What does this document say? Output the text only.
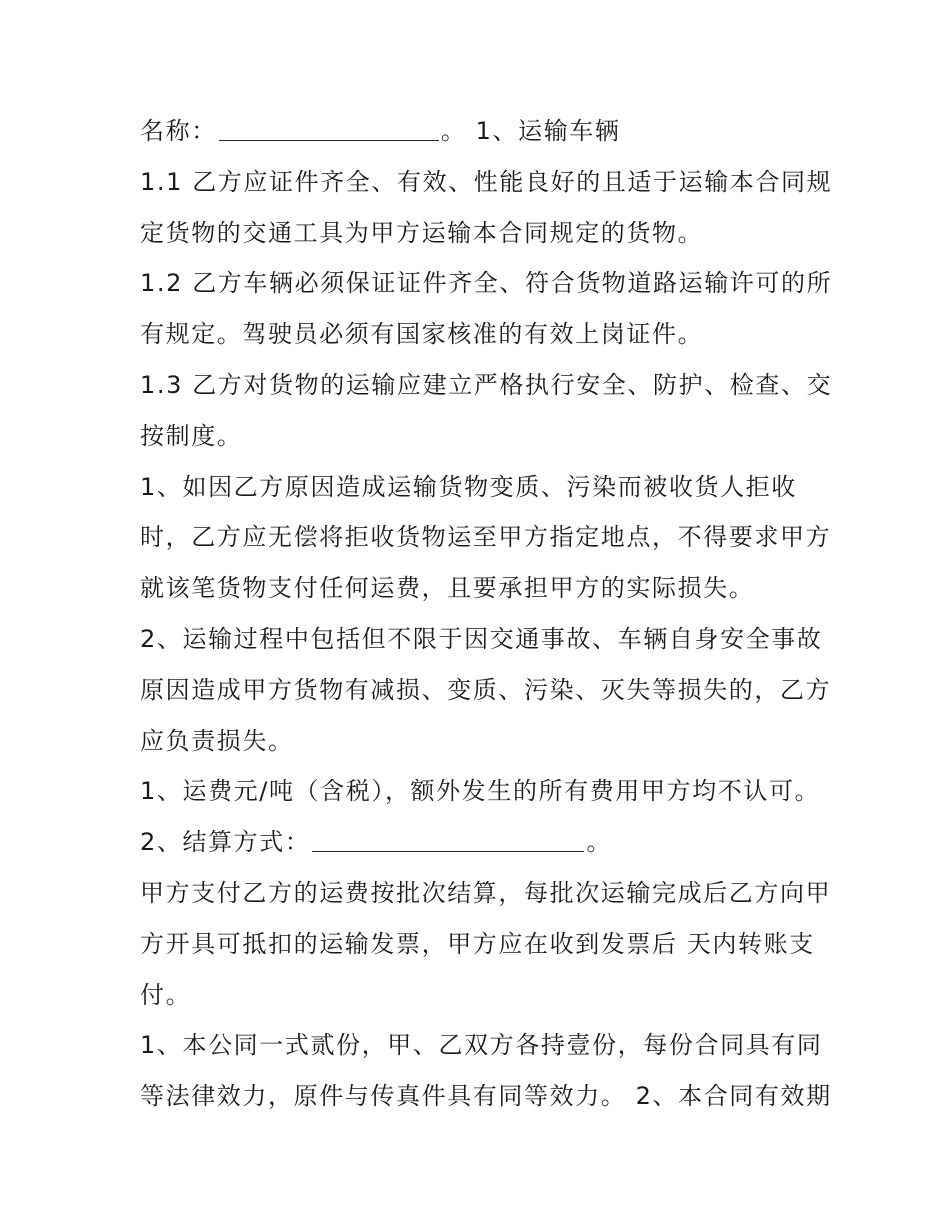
名称：	。 1、运输车辆
1.1 乙方应证件齐全、有效、性能良好的且适于运输本合同规
定货物的交通工具为甲方运输本合同规定的货物。
1.2 乙方车辆必须保证证件齐全、符合货物道路运输许可的所
有规定。驾驶员必须有国家核准的有效上岗证件。
1.3 乙方对货物的运输应建立严格执行安全、防护、检查、交
按制度。
1、如因乙方原因造成运输货物变质、污染而被收货人拒收
时，乙方应无偿将拒收货物运至甲方指定地点，不得要求甲方
就该笔货物支付任何运费，且要承担甲方的实际损失。
2、运输过程中包括但不限于因交通事故、车辆自身安全事故
原因造成甲方货物有减损、变质、污染、灭失等损失的，乙方
应负责损失。
1、运费元/吨（含税），额外发生的所有费用甲方均不认可。
2、结算方式：	。
甲方支付乙方的运费按批次结算，每批次运输完成后乙方向甲
方开具可抵扣的运输发票，甲方应在收到发票后 天内转账支
付。
1、本公同一式贰份，甲、乙双方各持壹份，每份合同具有同
等法律效力，原件与传真件具有同等效力。 2、本合同有效期
